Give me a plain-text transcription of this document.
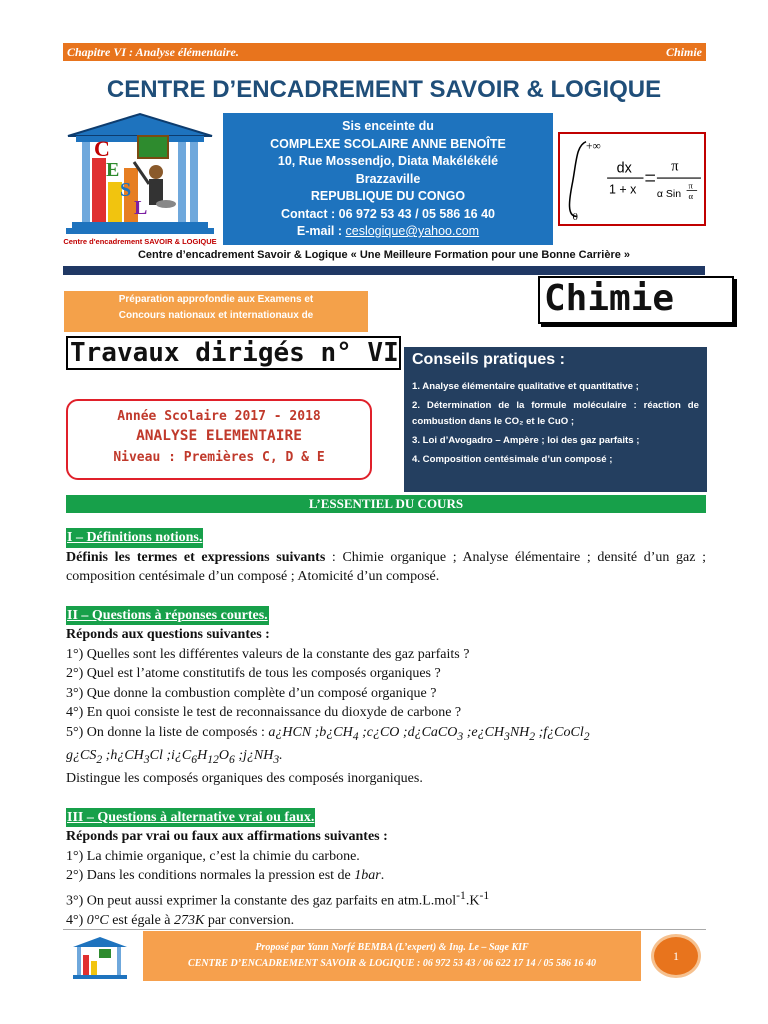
Chapitre VI : Analyse élémentaire.	Chimie
CENTRE D’ENCADREMENT SAVOIR & LOGIQUE
C
E
S
L
Centre d'encadrement SAVOIR & LOGIQUE
Sis enceinte du
COMPLEXE SCOLAIRE ANNE BENOÎTE
10, Rue Mossendjo, Diata Makélékélé
Brazzaville
REPUBLIQUE DU CONGO
Contact : 06 972 53 43 / 05 586 16 40
E-mail : ceslogique@yahoo.com
+∞
0
dx
1 + x
π
α Sin
π
α
Centre d’encadrement Savoir & Logique « Une Meilleure Formation pour une Bonne Carrière »
Préparation approfondie aux Examens et
Concours nationaux et internationaux de	Chimie
Travaux dirigés n° VI Conseils pratiques :

1. Analyse élémentaire qualitative et quantitative ;

2. Détermination de la formule moléculaire : réaction de combustion dans le CO₂ et le CuO ;

3. Loi d’Avogadro – Ampère ; loi des gaz parfaits ;

4. Composition centésimale d’un composé ;

Année Scolaire 2017 - 2018
ANALYSE ELEMENTAIRE
Niveau : Premières C, D & E
L’ESSENTIEL DU COURS
I – Définitions notions.
Définis les termes et expressions suivants : Chimie organique ; Analyse élémentaire ; densité d’un gaz ; composition centésimale d’un composé ; Atomicité d’un composé.
II – Questions à réponses courtes.
Réponds aux questions suivantes :
1°) Quelles sont les différentes valeurs de la constante des gaz parfaits ?
2°) Quel est l’atome constitutifs de tous les composés organiques ?
3°) Que donne la combustion complète d’un composé organique ?
4°) En quoi consiste le test de reconnaissance du dioxyde de carbone ?
5°) On donne la liste de composés : a¿HCN $;b¿CH_4$ ;c¿CO ;d¿CaCO$_3$ $;e¿CH_3NH_2$ ;f¿CoCl$_2$
$g¿CS_2$ $;h¿CH_3Cl$ $;i¿C_6H_{12}O_6$ $;j¿NH_3$.
Distingue les composés organiques des composés inorganiques.
III – Questions à alternative vrai ou faux.
Réponds par vrai ou faux aux affirmations suivantes :
1°) La chimie organique, c’est la chimie du carbone.
2°) Dans les conditions normales la pression est de 1bar.
3°) On peut aussi exprimer la constante des gaz parfaits en $atm.L.mol^{-1}.K^{-1}$
4°) 0°C est égale à 273K par conversion.
Proposé par Yann Norfé BEMBA (L’expert) & Ing. Le – Sage KIF
CENTRE D’ENCADREMENT SAVOIR & LOGIQUE : 06 972 53 43 / 06 622 17 14 / 05 586 16 40
1
